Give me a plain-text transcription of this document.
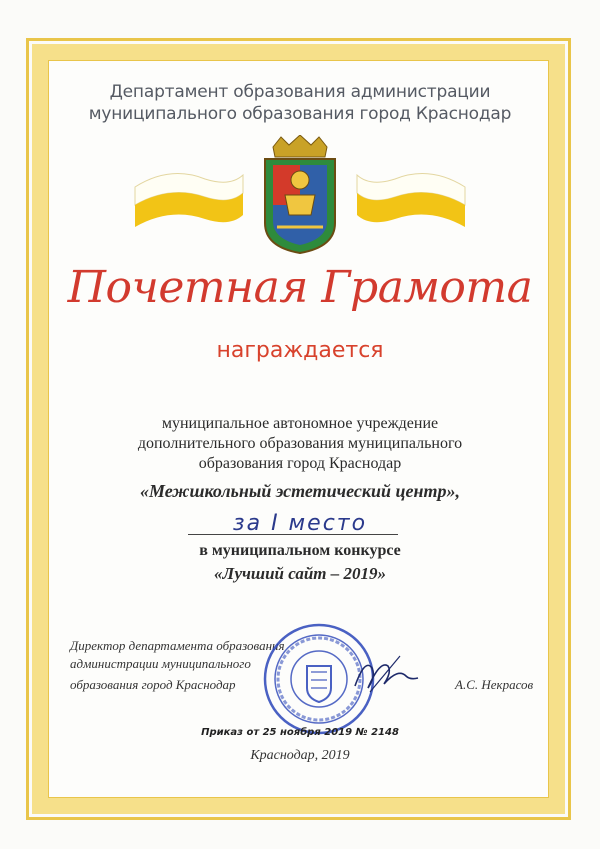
Департамент образования администрации
муниципального образования город Краснодар
Почетная Грамота
награждается
муниципальное автономное учреждение
дополнительного образования муниципального
образования город Краснодар
«Межшкольный эстетический центр»,
за I место
в муниципальном конкурсе
«Лучший сайт – 2019»
Директор департамента образования
администрации муниципального
образования город Краснодар	А.С. Некрасов
Приказ от 25 ноября 2019 № 2148
Краснодар, 2019
